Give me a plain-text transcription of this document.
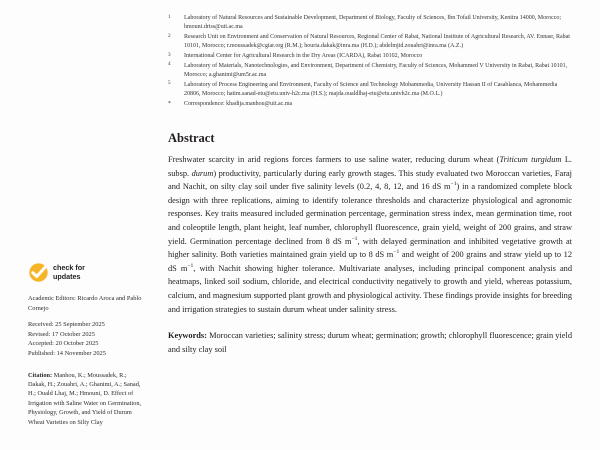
check for
updates
Academic Editors: Ricardo Aroca and Pablo Cornejo
Received: 25 September 2025
Revised: 17 October 2025
Accepted: 20 October 2025
Published: 14 November 2025
Citation: Manhou, K.; Moussadek, R.; Dakak, H.; Zouahri, A.; Ghanimi, A.; Sanad, H.; Ouald Lhaj, M.; Hmouni, D. Effect of Irrigation with Saline Water on Germination, Physiology, Growth, and Yield of Durum Wheat Varieties on Silty Clay
1 Laboratory of Natural Resources and Sustainable Development, Department of Biology, Faculty of Sciences, Ibn Tofail University, Kenitra 14000, Morocco; hmouni.driss@uit.ac.ma
2 Research Unit on Environment and Conservation of Natural Resources, Regional Center of Rabat, National Institute of Agricultural Research, AV. Ennasr, Rabat 10101, Morocco; r.moussadek@cgiar.org (R.M.); houria.dakak@inra.ma (H.D.); abdelmjid.zouahri@inra.ma (A.Z.)
3 International Center for Agricultural Research in the Dry Areas (ICARDA), Rabat 10102, Morocco
4 Laboratory of Materials, Nanotechnologies, and Environment, Department of Chemistry, Faculty of Sciences, Mohammed V University in Rabat, Rabat 10101, Morocco; a.ghanimi@um5r.ac.ma
5 Laboratory of Process Engineering and Environment, Faculty of Science and Technology Mohammedia, University Hassan II of Casablanca, Mohammedia 20806, Morocco; hatim.sanad-etu@etu.univ-h2c.ma (H.S.); majda.oualdlhaj-etu@etu.univh2c.ma (M.O.L.)
* Correspondence: khadija.manhou@uit.ac.ma
Abstract

Freshwater scarcity in arid regions forces farmers to use saline water, reducing durum wheat (Triticum turgidum L. subsp. durum) productivity, particularly during early growth stages. This study evaluated two Moroccan varieties, Faraj and Nachit, on silty clay soil under five salinity levels (0.2, 4, 8, 12, and 16 dS $m^{-1}$) in a randomized complete block design with three replications, aiming to identify tolerance thresholds and characterize physiological and agronomic responses. Key traits measured included germination percentage, germination stress index, mean germination time, root and coleoptile length, plant height, leaf number, chlorophyll fluorescence, grain yield, weight of 200 grains, and straw yield. Germination percentage declined from 8 dS $m^{-1}$, with delayed germination and inhibited vegetative growth at higher salinity. Both varieties maintained grain yield up to 8 dS $m^{-1}$ and weight of 200 grains and straw yield up to 12 dS $m^{-1}$, with Nachit showing higher tolerance. Multivariate analyses, including principal component analysis and heatmaps, linked soil sodium, chloride, and electrical conductivity negatively to growth and yield, whereas potassium, calcium, and magnesium supported plant growth and physiological activity. These findings provide insights for breeding and irrigation strategies to sustain durum wheat under salinity stress.

Keywords: Moroccan varieties; salinity stress; durum wheat; germination; growth; chlorophyll fluorescence; grain yield and silty clay soil
